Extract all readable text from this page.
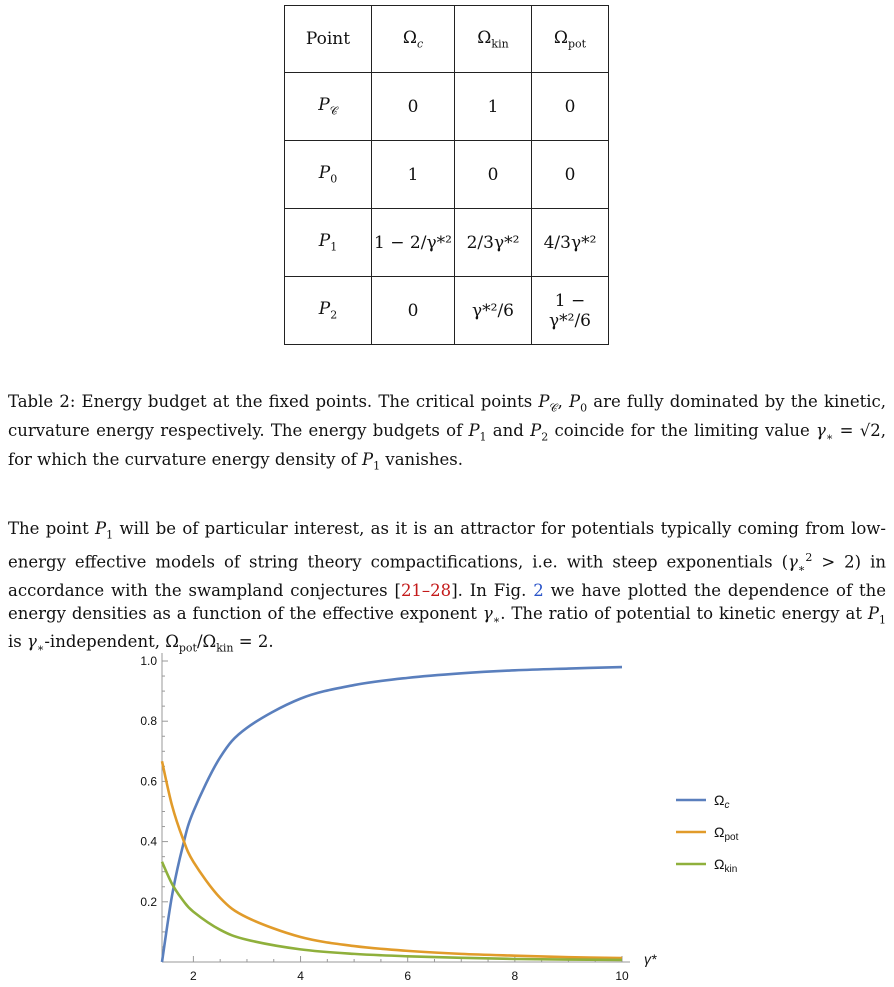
Point	$\Omega_c$	$\Omega_{kin}$	$\Omega_{pot}$
$P_𝒞$	0	1	0
$P_0$	1	0	0
$P_1$	1 − 2/γ*²	2/3γ*²	4/3γ*²
$P_2$	0	γ*²/6	1 − γ*²/6

Table 2: Energy budget at the fixed points. The critical points $P_𝒞$, $P_0$ are fully dominated by the kinetic, curvature energy respectively. The energy budgets of $P_1$ and $P_2$ coincide for the limiting value $\gamma_∗ = √2$, for which the curvature energy density of $P_1$ vanishes.

The point $P_1$ will be of particular interest, as it is an attractor for potentials typically coming from low-energy effective models of string theory compactifications, i.e. with steep exponentials $(\gamma_∗^2 > 2)$ in accordance with the swampland conjectures [21–28]. In Fig. 2 we have plotted the dependence of the energy densities as a function of the effective exponent $\gamma_∗$. The ratio of potential to kinetic energy at $P_1$ is $\gamma_∗$-independent, $\Omega_{pot}/\Omega_{kin} = 2$.

2	4	6	8	10
0.2
0.4
0.6
0.8
1.0
γ*
$\Omega_c$
$\Omega_{pot}$
$\Omega_{kin}$
